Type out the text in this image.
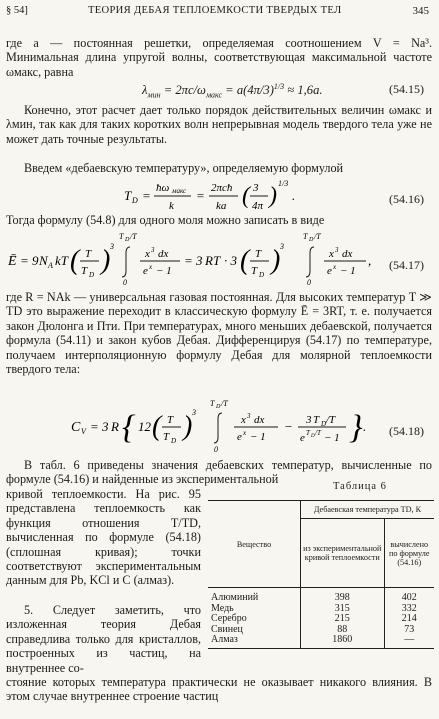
§ 54]	ТЕОРИЯ ДЕБАЯ ТЕПЛОЕМКОСТИ ТВЕРДЫХ ТЕЛ	345

где a — постоянная решетки, определяемая соотношением V = Na³. Минимальная длина упругой волны, соответствующая максимальной частоте ωмакс, равна

$\lambda_{мин} = 2\pi c/\omega_{макс} = a(4\pi/3)^{1/3} \approx 1,6a$.	(54.15)

Конечно, этот расчет дает только порядок действительных величин ωмакс и λмин, так как для таких коротких волн непрерывная модель твердого тела уже не может дать точные результаты.

Введем «дебаевскую температуру», определяемую формулой

T D = ħω макс
k
= 2πcħ
ka ( 3
4π ) 1/3
.	(54.16)

Тогда формулу (54.8) для одного моля можно записать в виде

Ē = 9 N A kT ( T
T D ) 3
T D /T
0
x 3 dx
e x − 1
= 3 RT · 3 ( T
T D ) 3
T D /T
0
x 3 dx
e x − 1
, (54.17)

где R = NAk — универсальная газовая постоянная. Для высоких температур T ≫ TD это выражение переходит в классическую формулу Ē = 3RT, т. е. получается закон Дюлонга и Пти. При температурах, много меньших дебаевской, получается формула (54.11) и закон кубов Дебая. Дифференцируя (54.17) по температуре, получаем интерполяционную формулу Дебая для молярной теплоемкости твердого тела:

C V = 3 R { 12 ( T
T D ) 3
T D /T
0
x 3 dx
e x − 1
− 3 T D /T
e T D /T − 1 } . (54.18)

В табл. 6 приведены значения дебаевских температур, вычисленные по формуле (54.16) и найденные из экспериментальной

кривой теплоемкости. На рис. 95 представлена теплоемкость как функция отношения T/TD, вычисленная по формуле (54.18) (сплошная кривая); точки соответствуют экспериментальным данным для Pb, KCl и C (алмаз).

5. Следует заметить, что изложенная теория Дебая справедлива только для кристаллов, построенных из частиц, на внутреннее со-

стояние которых температура практически не оказывает никакого влияния. В этом случае внутреннее строение частиц

Таблица 6
Вещество	Дебаевская температура TD, К	
	из экспериментальной кривой теплоемкости	вычислено по формуле (54.16)
Алюминий	398	402
Медь	315	332
Серебро	215	214
Свинец	88	73
Алмаз	1860	—
